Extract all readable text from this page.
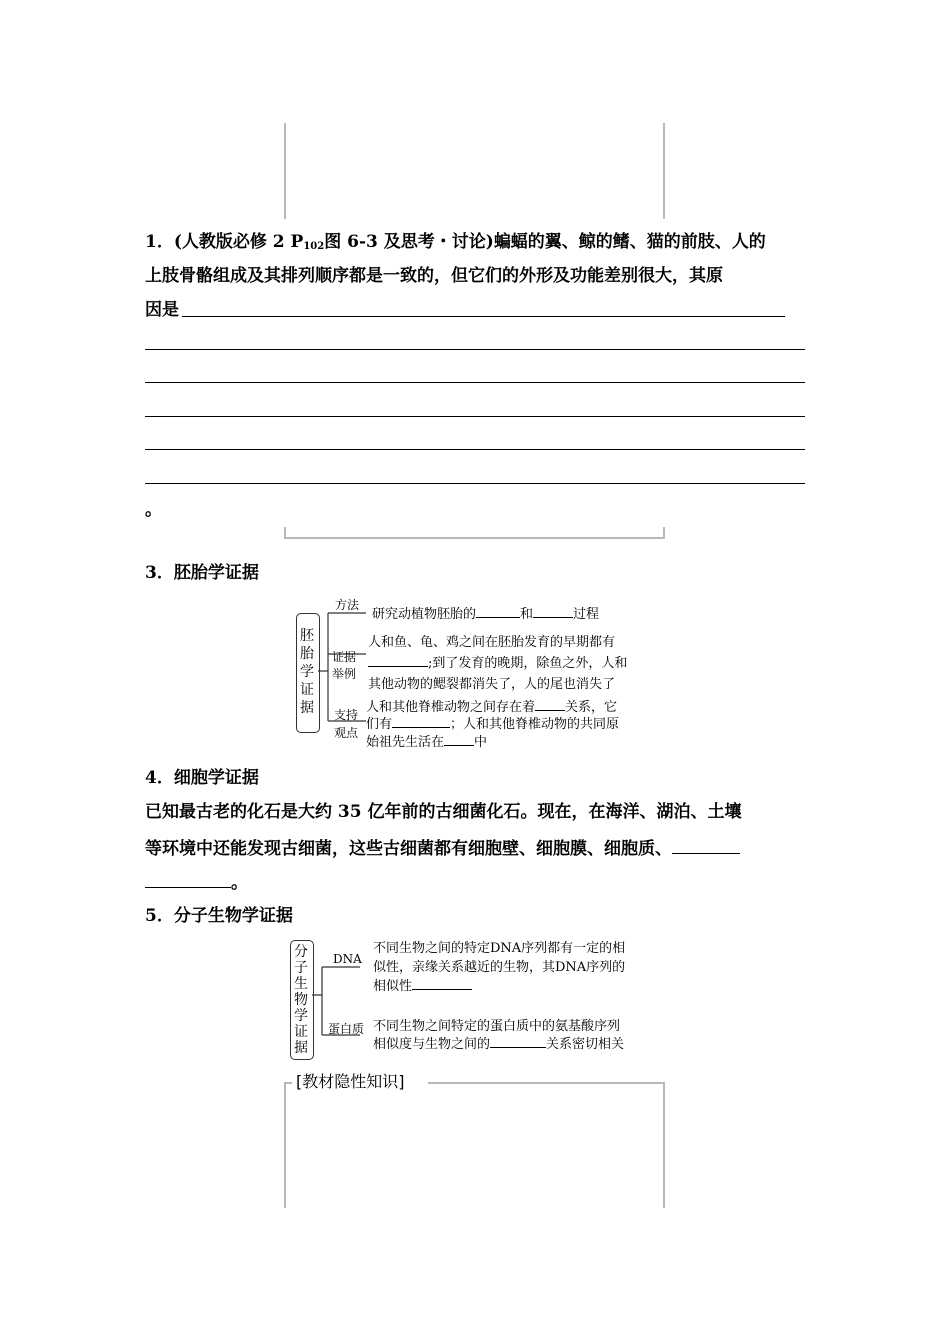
1．(人教版必修 2 $P_{102}$图 6-3 及思考・讨论)蝙蝠的翼、鲸的鳍、猫的前肢、人的
上肢骨骼组成及其排列顺序都是一致的，但它们的外形及功能差别很大，其原
因是
。
3．胚胎学证据
胚胎学证据
方法
研究动植物胚胎的	和	过程
证据
举例
人和鱼、龟、鸡之间在胚胎发育的早期都有
;到了发育的晚期，除鱼之外，人和
其他动物的鳃裂都消失了，人的尾也消失了
支持
观点
人和其他脊椎动物之间存在着 关系，它
们有	；人和其他脊椎动物的共同原
始祖先生活在 中
4．细胞学证据
已知最古老的化石是大约 35 亿年前的古细菌化石。现在，在海洋、湖泊、土壤
等环境中还能发现古细菌，这些古细菌都有细胞壁、细胞膜、细胞质、
。
5．分子生物学证据
分子生物学证据
DNA
不同生物之间的特定DNA序列都有一定的相
似性，亲缘关系越近的生物，其DNA序列的
相似性
蛋白质 不同生物之间特定的蛋白质中的氨基酸序列
相似度与生物之间的	关系密切相关
[教材隐性知识]
